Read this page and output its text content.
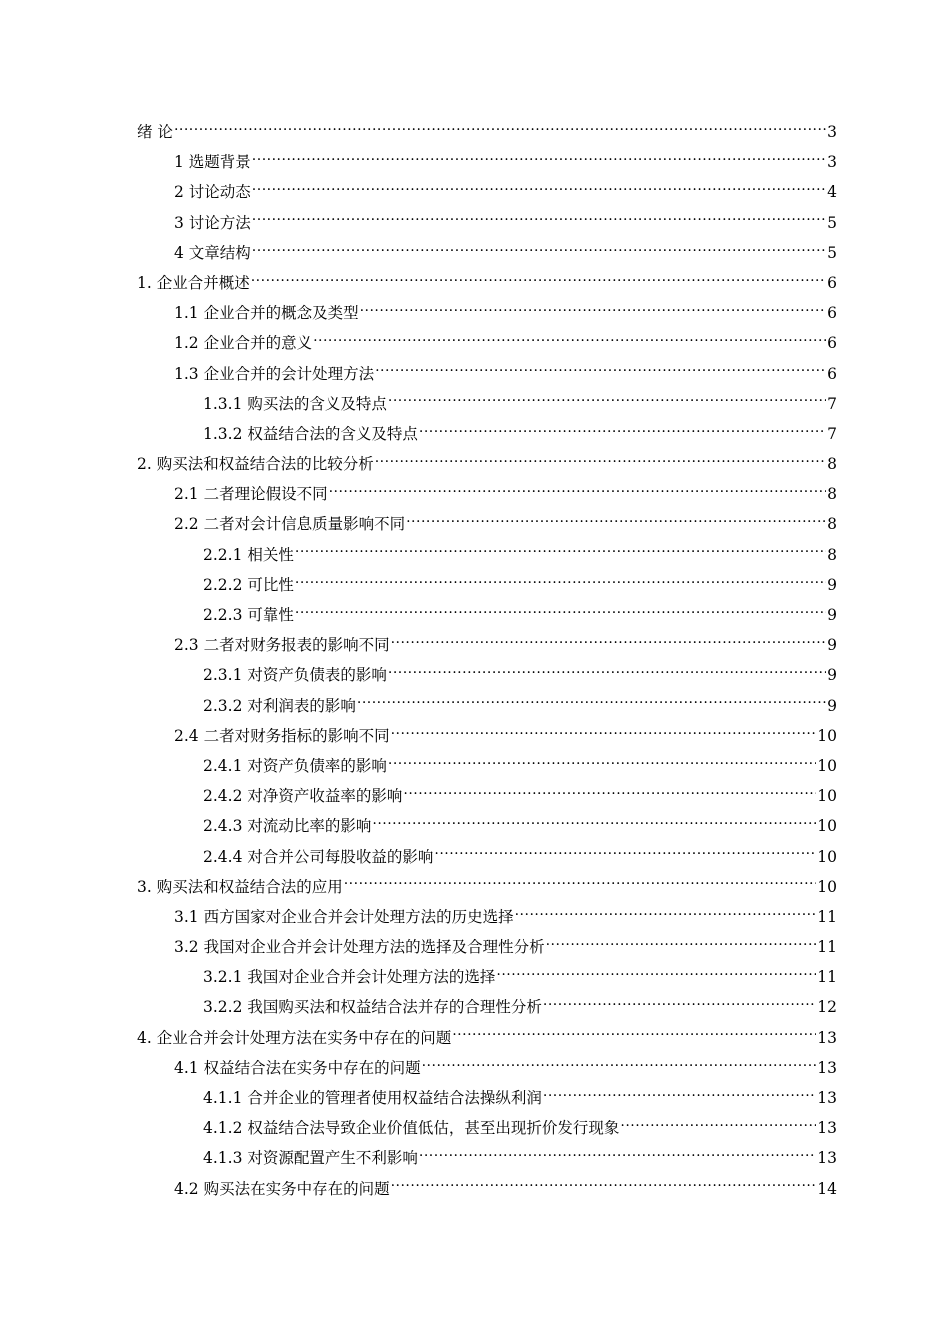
绪 论 .....	3
1 选题背景 .....	3
2 讨论动态 .....	4
3 讨论方法 .....	5
4 文章结构 .....	5
1. 企业合并概述 .....	6
1.1 企业合并的概念及类型 .....	6
1.2 企业合并的意义 .....	6
1.3 企业合并的会计处理方法 .....	6
1.3.1 购买法的含义及特点 .....	7
1.3.2 权益结合法的含义及特点 .....	7
2. 购买法和权益结合法的比较分析 .....	8
2.1 二者理论假设不同 .....	8
2.2 二者对会计信息质量影响不同 .....	8
2.2.1 相关性 .....	8
2.2.2 可比性 .....	9
2.2.3 可靠性 .....	9
2.3 二者对财务报表的影响不同 .....	9
2.3.1 对资产负债表的影响 .....	9
2.3.2 对利润表的影响 .....	9
2.4 二者对财务指标的影响不同 .....	10
2.4.1 对资产负债率的影响 .....	10
2.4.2 对净资产收益率的影响 .....	10
2.4.3 对流动比率的影响 .....	10
2.4.4 对合并公司每股收益的影响 .....	10
3. 购买法和权益结合法的应用 .....	10
3.1 西方国家对企业合并会计处理方法的历史选择 .....	11
3.2 我国对企业合并会计处理方法的选择及合理性分析 .....	11
3.2.1 我国对企业合并会计处理方法的选择 .....	11
3.2.2 我国购买法和权益结合法并存的合理性分析 .....	12
4. 企业合并会计处理方法在实务中存在的问题 .....	13
4.1 权益结合法在实务中存在的问题 .....	13
4.1.1 合并企业的管理者使用权益结合法操纵利润 .....	13
4.1.2 权益结合法导致企业价值低估，甚至出现折价发行现象 .....	13
4.1.3 对资源配置产生不利影响 .....	13
4.2 购买法在实务中存在的问题 .....	14
